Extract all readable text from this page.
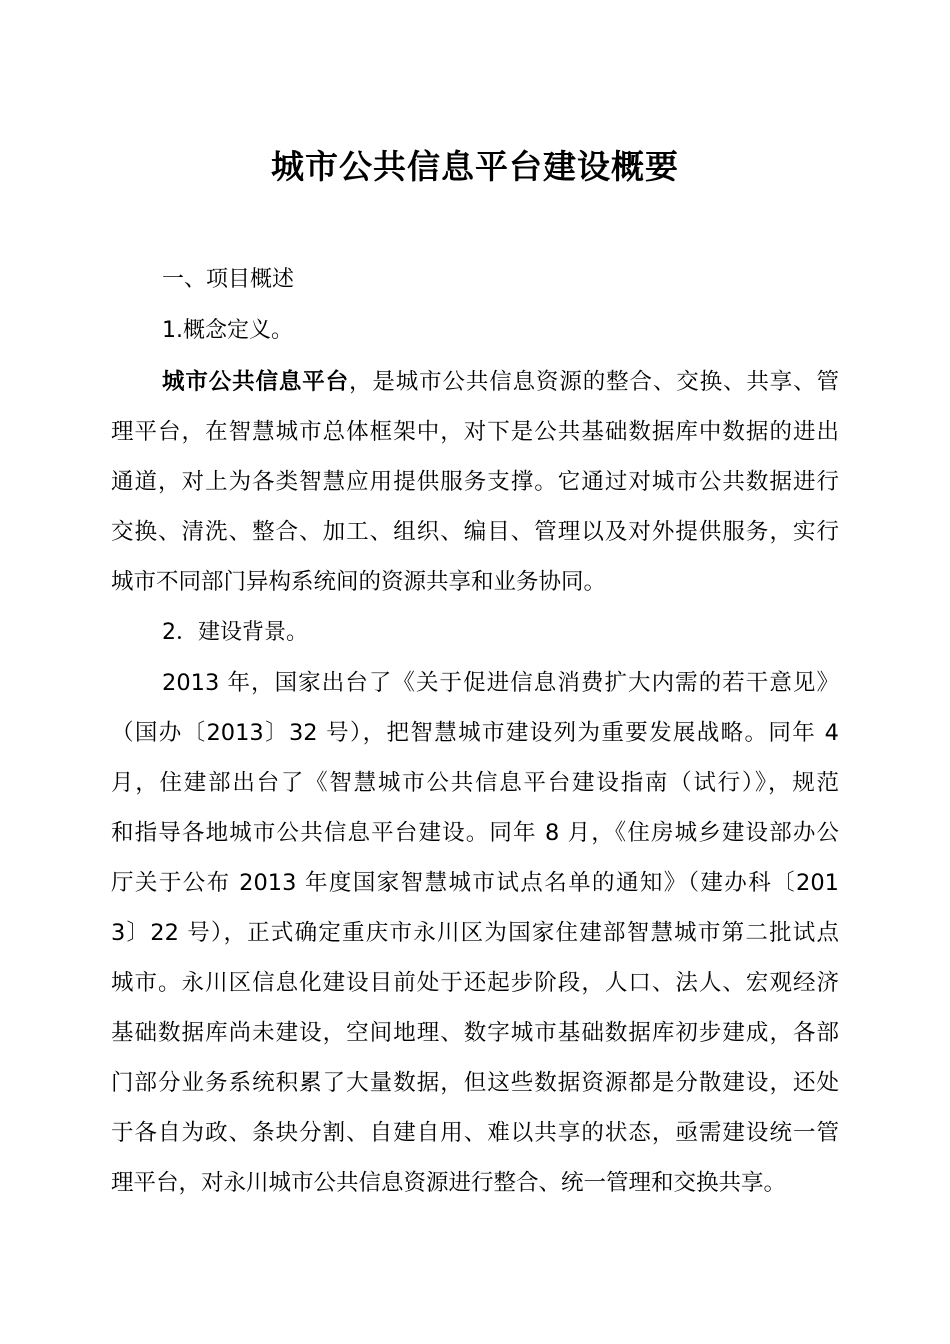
城市公共信息平台建设概要
一、项目概述
1.概念定义。
城市公共信息平台，是城市公共信息资源的整合、交换、共享、管
理平台，在智慧城市总体框架中，对下是公共基础数据库中数据的进出
通道，对上为各类智慧应用提供服务支撑。它通过对城市公共数据进行
交换、清洗、整合、加工、组织、编目、管理以及对外提供服务，实行
城市不同部门异构系统间的资源共享和业务协同。
2．建设背景。
2013 年，国家出台了《关于促进信息消费扩大内需的若干意见》
（国办〔2013〕32 号），把智慧城市建设列为重要发展战略。同年 4
月，住建部出台了《智慧城市公共信息平台建设指南（试行）》，规范
和指导各地城市公共信息平台建设。同年 8 月，《住房城乡建设部办公
厅关于公布 2013 年度国家智慧城市试点名单的通知》（建办科〔201
3〕22 号），正式确定重庆市永川区为国家住建部智慧城市第二批试点
城市。永川区信息化建设目前处于还起步阶段，人口、法人、宏观经济
基础数据库尚未建设，空间地理、数字城市基础数据库初步建成，各部
门部分业务系统积累了大量数据，但这些数据资源都是分散建设，还处
于各自为政、条块分割、自建自用、难以共享的状态，亟需建设统一管
理平台，对永川城市公共信息资源进行整合、统一管理和交换共享。
